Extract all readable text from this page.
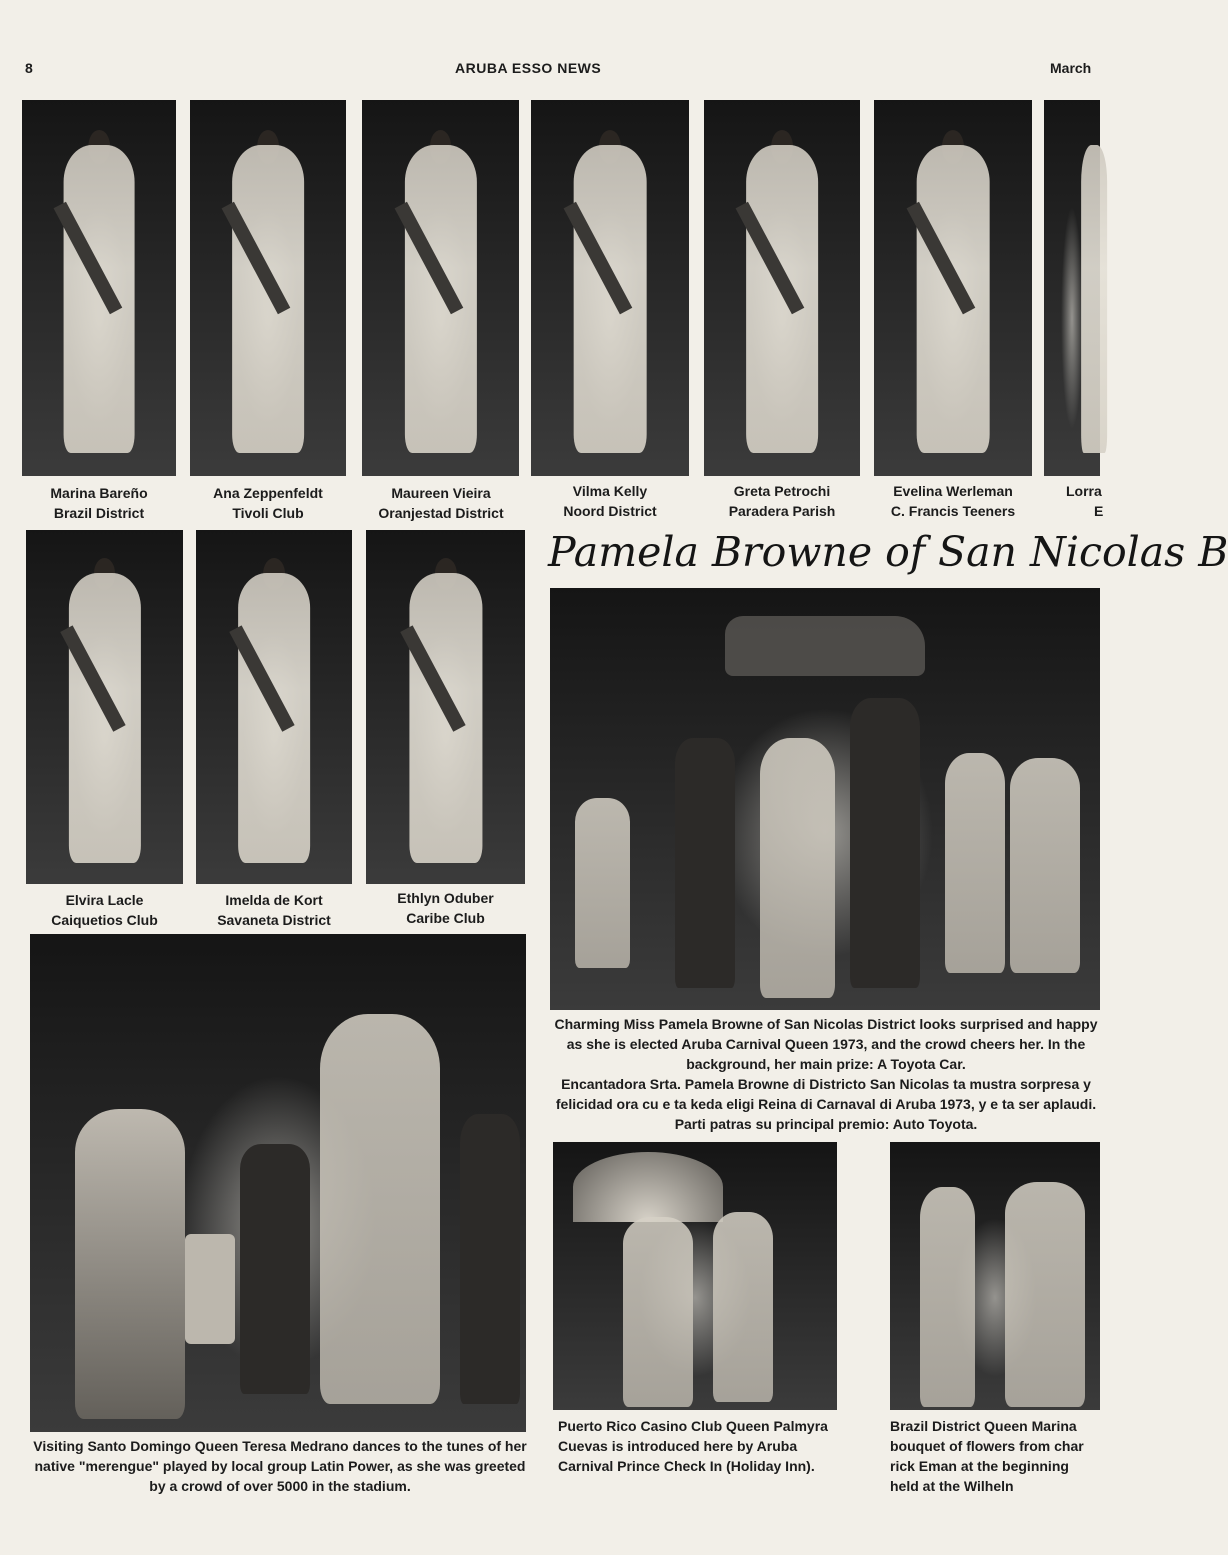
8	ARUBA ESSO NEWS	March
Marina Bareño
Brazil District
Ana Zeppenfeldt
Tivoli Club
Maureen Vieira
Oranjestad District
Vilma Kelly
Noord District
Greta Petrochi
Paradera Parish
Evelina Werleman
C. Francis Teeners
Lorra
E
Elvira Lacle
Caiquetios Club
Imelda de Kort
Savaneta District
Ethlyn Oduber
Caribe Club
Pamela Browne of San Nicolas B
Charming Miss Pamela Browne of San Nicolas District looks surprised and happy as she is elected Aruba Carnival Queen 1973, and the crowd cheers her. In the background, her main prize: A Toyota Car.
Encantadora Srta. Pamela Browne di Districto San Nicolas ta mustra sorpresa y felicidad ora cu e ta keda eligi Reina di Carnaval di Aruba 1973, y e ta ser aplaudi. Parti patras su principal premio: Auto Toyota.
Visiting Santo Domingo Queen Teresa Medrano dances to the tunes of her native "merengue" played by local group Latin Power, as she was greeted by a crowd of over 5000 in the stadium.
Puerto Rico Casino Club Queen Palmyra Cuevas is introduced here by Aruba Carnival Prince Check In (Holiday Inn).
Brazil District Queen Marina bouquet of flowers from char rick Eman at the beginning held at the Wilheln
